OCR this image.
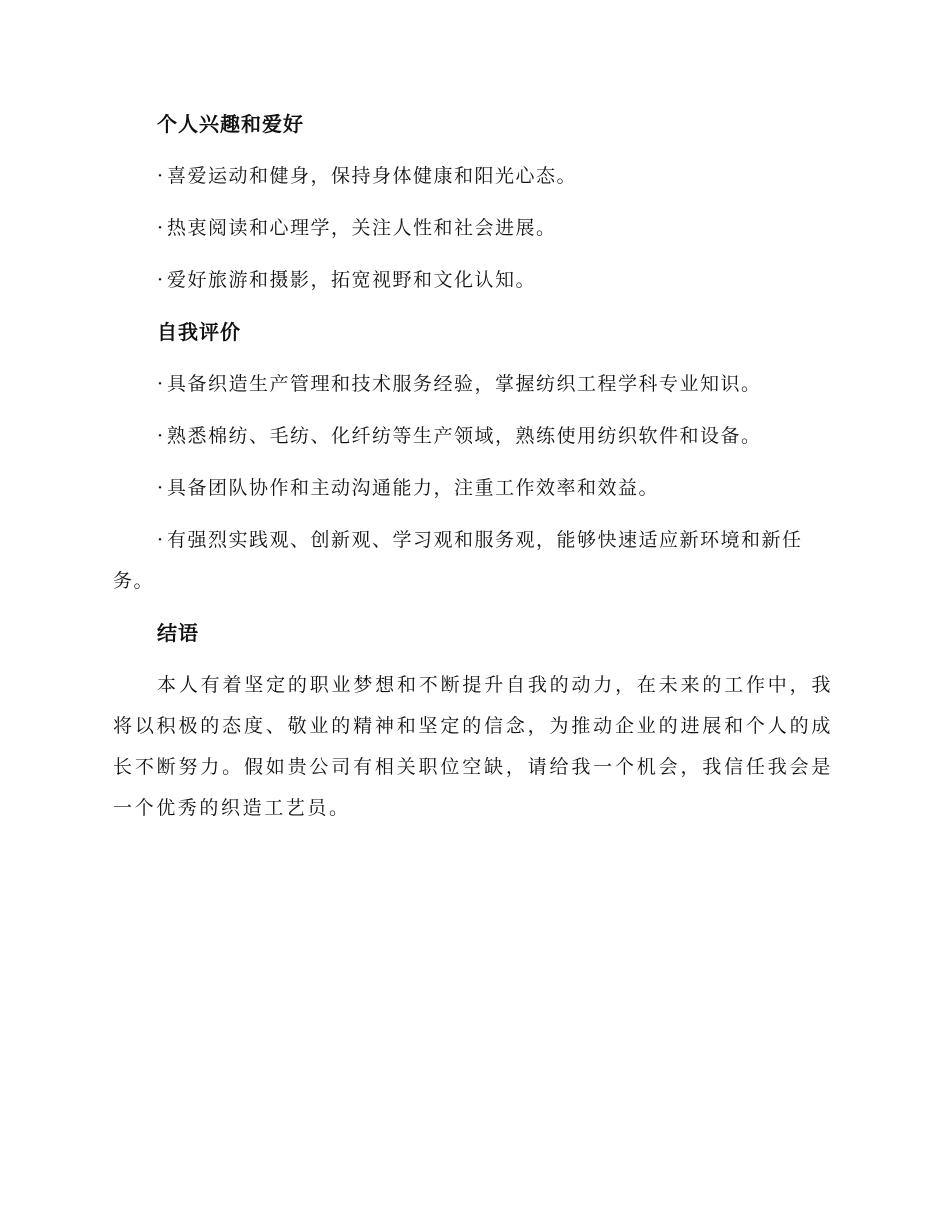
个人兴趣和爱好
· 喜爱运动和健身，保持身体健康和阳光心态。
· 热衷阅读和心理学，关注人性和社会进展。
· 爱好旅游和摄影，拓宽视野和文化认知。
自我评价
· 具备织造生产管理和技术服务经验，掌握纺织工程学科专业知识。
· 熟悉棉纺、毛纺、化纤纺等生产领域，熟练使用纺织软件和设备。
· 具备团队协作和主动沟通能力，注重工作效率和效益。
· 有强烈实践观、创新观、学习观和服务观，能够快速适应新环境和新任务。
结语

本人有着坚定的职业梦想和不断提升自我的动力，在未来的工作中，我将以积极的态度、敬业的精神和坚定的信念，为推动企业的进展和个人的成长不断努力。假如贵公司有相关职位空缺，请给我一个机会，我信任我会是一个优秀的织造工艺员。
